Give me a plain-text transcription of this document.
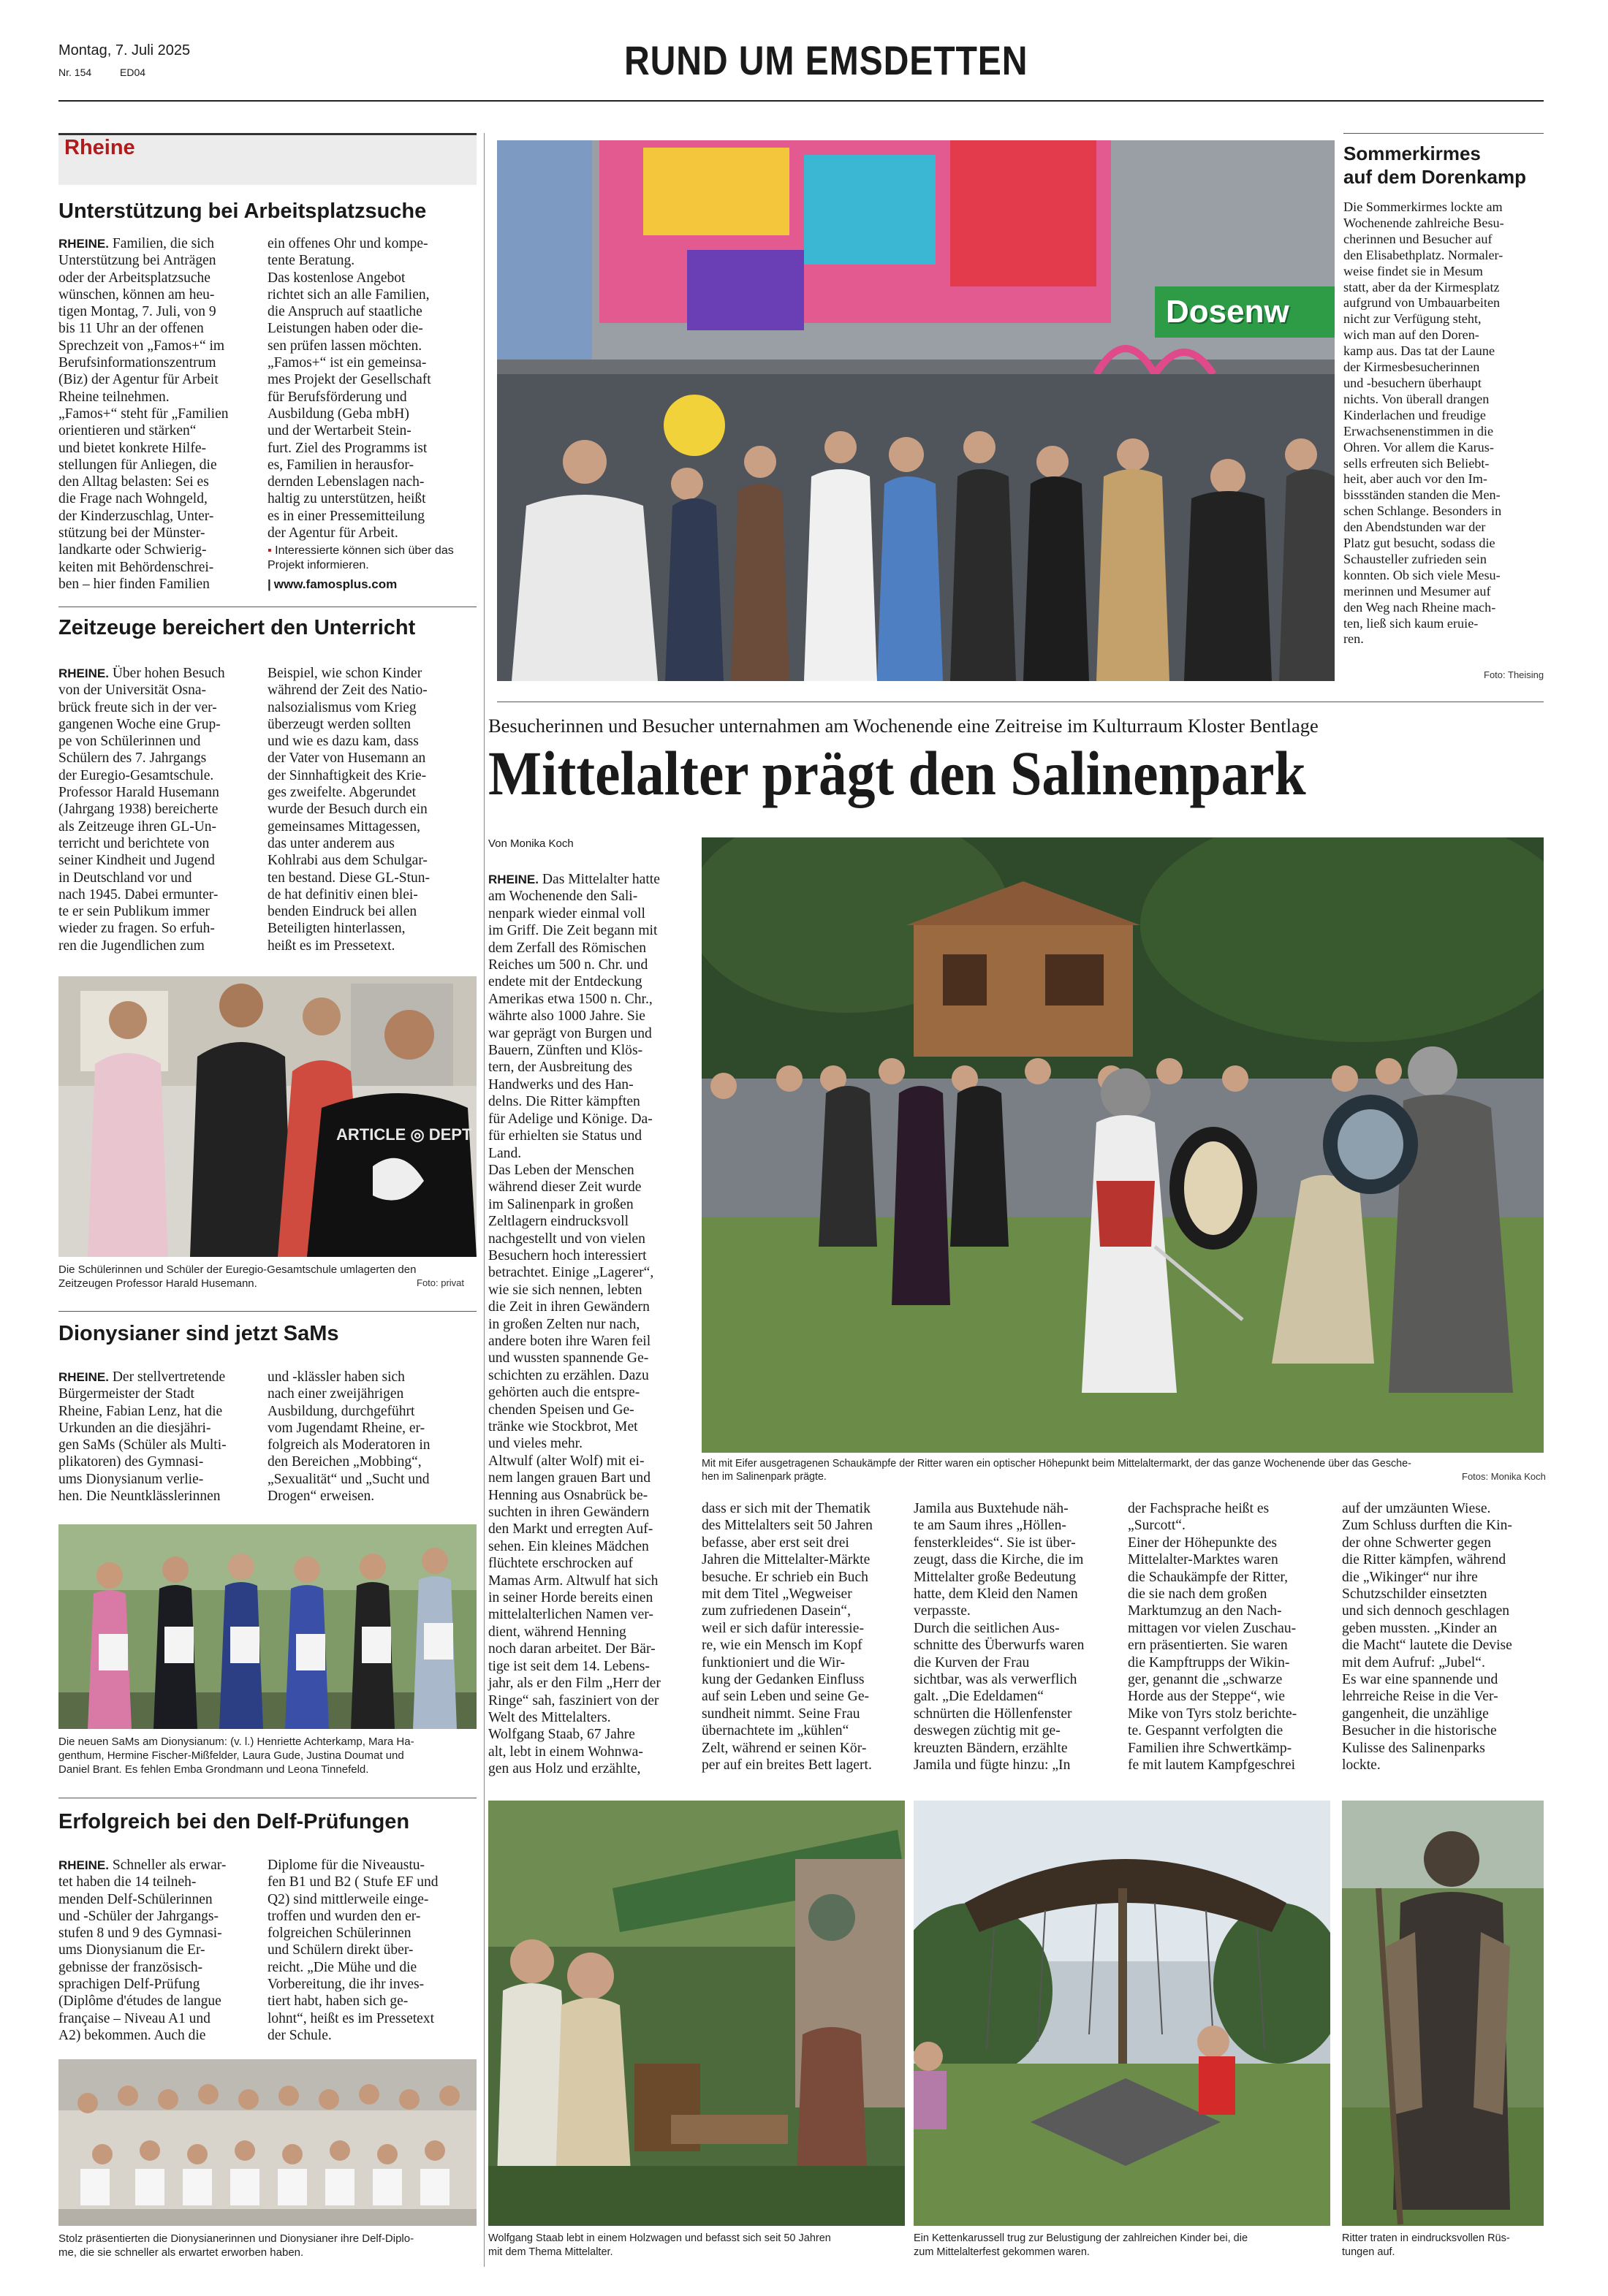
Montag, 7. Juli 2025
Nr. 154	ED04	RUND UM EMSDETTEN
Rheine
Unterstützung bei Arbeitsplatzsuche
RHEINE. Familien, die sich
Unterstützung bei Anträgen
oder der Arbeitsplatzsuche
wünschen, können am heu-
tigen Montag, 7. Juli, von 9
bis 11 Uhr an der offenen
Sprechzeit von „Famos+“ im
Berufsinformationszentrum
(Biz) der Agentur für Arbeit
Rheine teilnehmen.
„Famos+“ steht für „Familien
orientieren und stärken“
und bietet konkrete Hilfe-
stellungen für Anliegen, die
den Alltag belasten: Sei es
die Frage nach Wohngeld,
der Kinderzuschlag, Unter-
stützung bei der Münster-
landkarte oder Schwierig-
keiten mit Behördenschrei-
ben – hier finden Familien
ein offenes Ohr und kompe-
tente Beratung.
Das kostenlose Angebot
richtet sich an alle Familien,
die Anspruch auf staatliche
Leistungen haben oder die-
sen prüfen lassen möchten.
„Famos+“ ist ein gemeinsa-
mes Projekt der Gesellschaft
für Berufsförderung und
Ausbildung (Geba mbH)
und der Wertarbeit Stein-
furt. Ziel des Programms ist
es, Familien in herausfor-
dernden Lebenslagen nach-
haltig zu unterstützen, heißt
es in einer Pressemitteilung
der Agentur für Arbeit.
▪ Interessierte können sich über das
Projekt informieren.
| www.famosplus.com
Zeitzeuge bereichert den Unterricht
RHEINE. Über hohen Besuch
von der Universität Osna-
brück freute sich in der ver-
gangenen Woche eine Grup-
pe von Schülerinnen und
Schülern des 7. Jahrgangs
der Euregio-Gesamtschule.
Professor Harald Husemann
(Jahrgang 1938) bereicherte
als Zeitzeuge ihren GL-Un-
terricht und berichtete von
seiner Kindheit und Jugend
in Deutschland vor und
nach 1945. Dabei ermunter-
te er sein Publikum immer
wieder zu fragen. So erfuh-
ren die Jugendlichen zum
Beispiel, wie schon Kinder
während der Zeit des Natio-
nalsozialismus vom Krieg
überzeugt werden sollten
und wie es dazu kam, dass
der Vater von Husemann an
der Sinnhaftigkeit des Krie-
ges zweifelte. Abgerundet
wurde der Besuch durch ein
gemeinsames Mittagessen,
das unter anderem aus
Kohlrabi aus dem Schulgar-
ten bestand. Diese GL-Stun-
de hat definitiv einen blei-
benden Eindruck bei allen
Beteiligten hinterlassen,
heißt es im Pressetext.
ARTICLE ◎ DEPT
Die Schülerinnen und Schüler der Euregio-Gesamtschule umlagerten den
Zeitzeugen Professor Harald Husemann.	Foto: privat
Dionysianer sind jetzt SaMs
RHEINE. Der stellvertretende
Bürgermeister der Stadt
Rheine, Fabian Lenz, hat die
Urkunden an die diesjähri-
gen SaMs (Schüler als Multi-
plikatoren) des Gymnasi-
ums Dionysianum verlie-
hen. Die Neuntklässlerinnen
und -klässler haben sich
nach einer zweijährigen
Ausbildung, durchgeführt
vom Jugendamt Rheine, er-
folgreich als Moderatoren in
den Bereichen „Mobbing“,
„Sexualität“ und „Sucht und
Drogen“ erweisen.
Die neuen SaMs am Dionysianum: (v. l.) Henriette Achterkamp, Mara Ha-
genthum, Hermine Fischer-Mißfelder, Laura Gude, Justina Doumat und
Daniel Brant. Es fehlen Emba Grondmann und Leona Tinnefeld.
Erfolgreich bei den Delf-Prüfungen
RHEINE. Schneller als erwar-
tet haben die 14 teilneh-
menden Delf-Schülerinnen
und -Schüler der Jahrgangs-
stufen 8 und 9 des Gymnasi-
ums Dionysianum die Er-
gebnisse der französisch-
sprachigen Delf-Prüfung
(Diplôme d'études de langue
française – Niveau A1 und
A2) bekommen. Auch die
Diplome für die Niveaustu-
fen B1 und B2 ( Stufe EF und
Q2) sind mittlerweile einge-
troffen und wurden den er-
folgreichen Schülerinnen
und Schülern direkt über-
reicht. „Die Mühe und die
Vorbereitung, die ihr inves-
tiert habt, haben sich ge-
lohnt“, heißt es im Pressetext
der Schule.
Stolz präsentierten die Dionysianerinnen und Dionysianer ihre Delf-Diplo-
me, die sie schneller als erwartet erworben haben.
Dosenw
Sommerkirmes
auf dem Dorenkamp
Die Sommerkirmes lockte am
Wochenende zahlreiche Besu-
cherinnen und Besucher auf
den Elisabethplatz. Normaler-
weise findet sie in Mesum
statt, aber da der Kirmesplatz
aufgrund von Umbauarbeiten
nicht zur Verfügung steht,
wich man auf den Doren-
kamp aus. Das tat der Laune
der Kirmesbesucherinnen
und -besuchern überhaupt
nichts. Von überall drangen
Kinderlachen und freudige
Erwachsenenstimmen in die
Ohren. Vor allem die Karus-
sells erfreuten sich Beliebt-
heit, aber auch vor den Im-
bissständen standen die Men-
schen Schlange. Besonders in
den Abendstunden war der
Platz gut besucht, sodass die
Schausteller zufrieden sein
konnten. Ob sich viele Mesu-
merinnen und Mesumer auf
den Weg nach Rheine mach-
ten, ließ sich kaum eruie-
ren.
Foto: Theising
Besucherinnen und Besucher unternahmen am Wochenende eine Zeitreise im Kulturraum Kloster Bentlage
Mittelalter prägt den Salinenpark
Von Monika Koch
Mit mit Eifer ausgetragenen Schaukämpfe der Ritter waren ein optischer Höhepunkt beim Mittelaltermarkt, der das ganze Wochenende über das Gesche-
hen im Salinenpark prägte.	Fotos: Monika Koch
RHEINE. Das Mittelalter hatte
am Wochenende den Sali-
nenpark wieder einmal voll
im Griff. Die Zeit begann mit
dem Zerfall des Römischen
Reiches um 500 n. Chr. und
endete mit der Entdeckung
Amerikas etwa 1500 n. Chr.,
währte also 1000 Jahre. Sie
war geprägt von Burgen und
Bauern, Zünften und Klös-
tern, der Ausbreitung des
Handwerks und des Han-
delns. Die Ritter kämpften
für Adelige und Könige. Da-
für erhielten sie Status und
Land.
Das Leben der Menschen
während dieser Zeit wurde
im Salinenpark in großen
Zeltlagern eindrucksvoll
nachgestellt und von vielen
Besuchern hoch interessiert
betrachtet. Einige „Lagerer“,
wie sie sich nennen, lebten
die Zeit in ihren Gewändern
in großen Zelten nur nach,
andere boten ihre Waren feil
und wussten spannende Ge-
schichten zu erzählen. Dazu
gehörten auch die entspre-
chenden Speisen und Ge-
tränke wie Stockbrot, Met
und vieles mehr.
Altwulf (alter Wolf) mit ei-
nem langen grauen Bart und
Henning aus Osnabrück be-
suchten in ihren Gewändern
den Markt und erregten Auf-
sehen. Ein kleines Mädchen
flüchtete erschrocken auf
Mamas Arm. Altwulf hat sich
in seiner Horde bereits einen
mittelalterlichen Namen ver-
dient, während Henning
noch daran arbeitet. Der Bär-
tige ist seit dem 14. Lebens-
jahr, als er den Film „Herr der
Ringe“ sah, fasziniert von der
Welt des Mittelalters.
Wolfgang Staab, 67 Jahre
alt, lebt in einem Wohnwa-
gen aus Holz und erzählte,
dass er sich mit der Thematik
des Mittelalters seit 50 Jahren
befasse, aber erst seit drei
Jahren die Mittelalter-Märkte
besuche. Er schrieb ein Buch
mit dem Titel „Wegweiser
zum zufriedenen Dasein“,
weil er sich dafür interessie-
re, wie ein Mensch im Kopf
funktioniert und die Wir-
kung der Gedanken Einfluss
auf sein Leben und seine Ge-
sundheit nimmt. Seine Frau
übernachtete im „kühlen“
Zelt, während er seinen Kör-
per auf ein breites Bett lagert.
Jamila aus Buxtehude näh-
te am Saum ihres „Höllen-
fensterkleides“. Sie ist über-
zeugt, dass die Kirche, die im
Mittelalter große Bedeutung
hatte, dem Kleid den Namen
verpasste.
Durch die seitlichen Aus-
schnitte des Überwurfs waren
die Kurven der Frau
sichtbar, was als verwerflich
galt. „Die Edeldamen“
schnürten die Höllenfenster
deswegen züchtig mit ge-
kreuzten Bändern, erzählte
Jamila und fügte hinzu: „In
der Fachsprache heißt es
„Surcott“.
Einer der Höhepunkte des
Mittelalter-Marktes waren
die Schaukämpfe der Ritter,
die sie nach dem großen
Marktumzug an den Nach-
mittagen vor vielen Zuschau-
ern präsentierten. Sie waren
die Kampftrupps der Wikin-
ger, genannt die „schwarze
Horde aus der Steppe“, wie
Mike von Tyrs stolz berichte-
te. Gespannt verfolgten die
Familien ihre Schwertkämp-
fe mit lautem Kampfgeschrei
auf der umzäunten Wiese.
Zum Schluss durften die Kin-
der ohne Schwerter gegen
die Ritter kämpfen, während
die „Wikinger“ nur ihre
Schutzschilder einsetzten
und sich dennoch geschlagen
geben mussten. „Kinder an
die Macht“ lautete die Devise
mit dem Aufruf: „Jubel“.
Es war eine spannende und
lehrreiche Reise in die Ver-
gangenheit, die unzählige
Besucher in die historische
Kulisse des Salinenparks
lockte.
Wolfgang Staab lebt in einem Holzwagen und befasst sich seit 50 Jahren
mit dem Thema Mittelalter.
Ein Kettenkarussell trug zur Belustigung der zahlreichen Kinder bei, die
zum Mittelalterfest gekommen waren.
Ritter traten in eindrucksvollen Rüs-
tungen auf.
